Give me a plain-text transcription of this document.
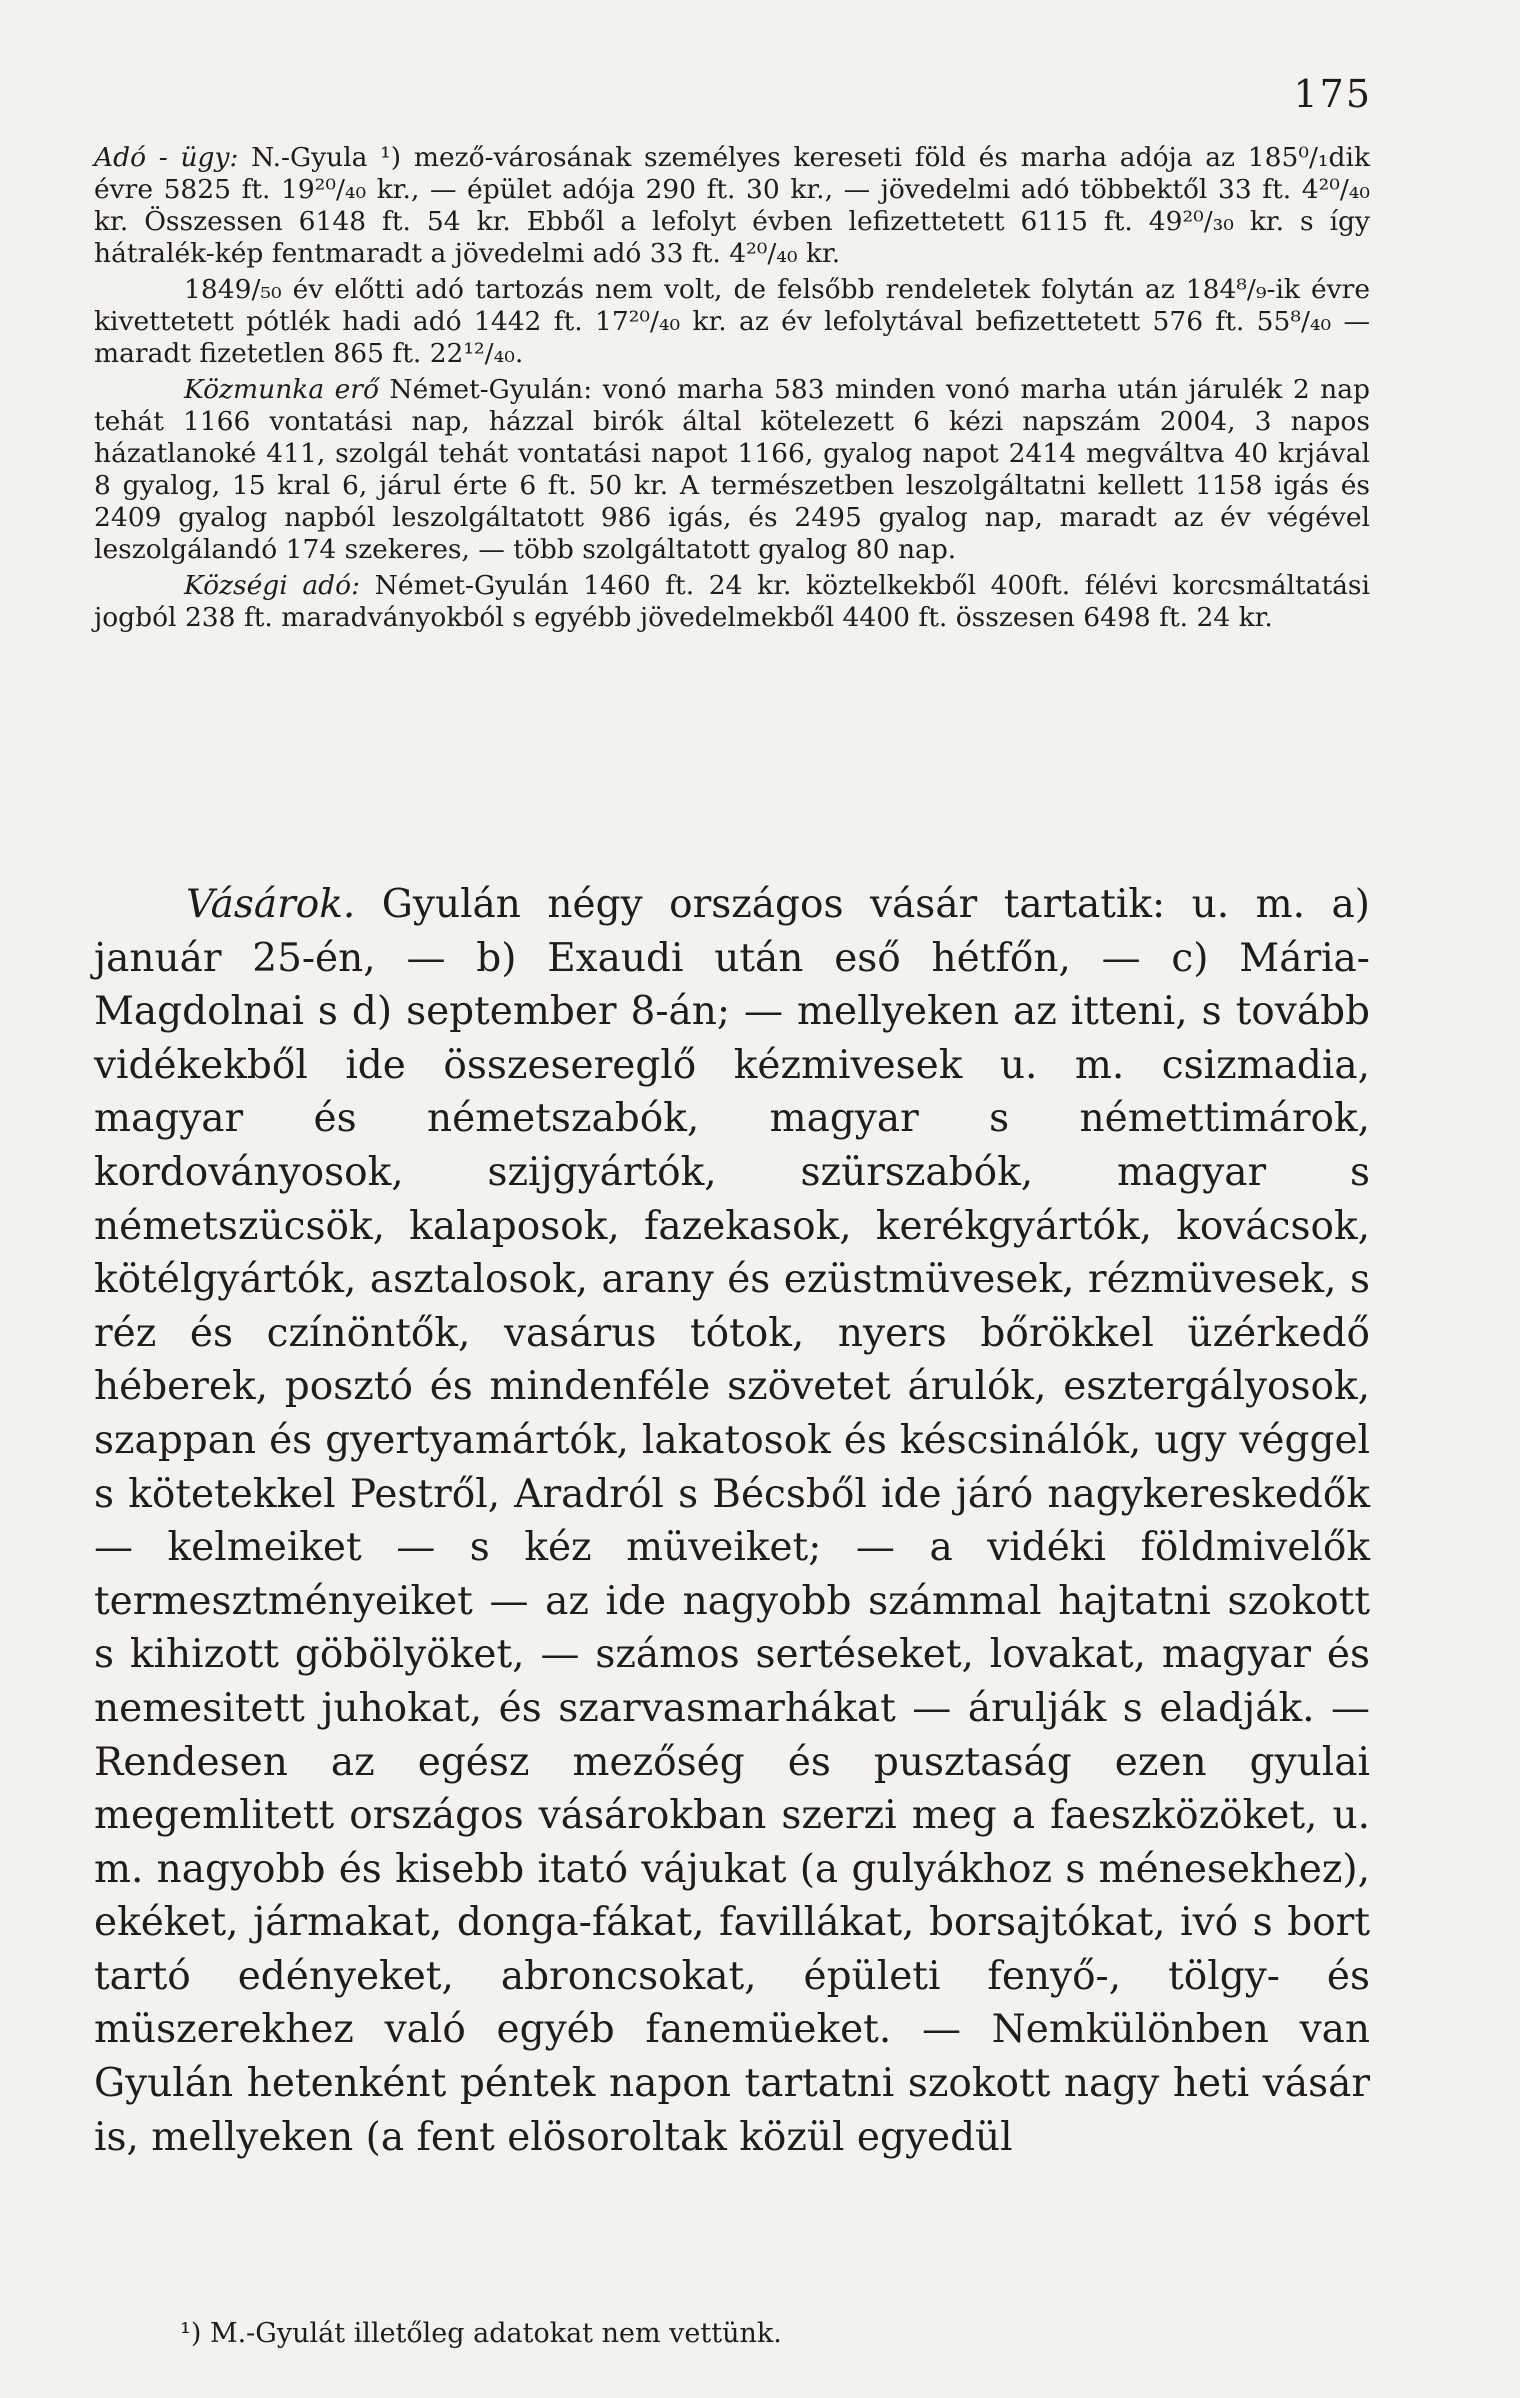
175

Adó - ügy: N.-Gyula ¹) mező-városának személyes kereseti föld és marha adója az 185⁰/₁dik évre 5825 ft. 19²⁰/₄₀ kr., — épület adója 290 ft. 30 kr., — jövedelmi adó többektől 33 ft. 4²⁰/₄₀ kr. Összessen 6148 ft. 54 kr. Ebből a lefolyt évben lefizettetett 6115 ft. 49²⁰/₃₀ kr. s így hátralék-kép fentmaradt a jövedelmi adó 33 ft. 4²⁰/₄₀ kr.

1849/₅₀ év előtti adó tartozás nem volt, de felsőbb rendeletek folytán az 184⁸/₉-ik évre kivettetett pótlék hadi adó 1442 ft. 17²⁰/₄₀ kr. az év lefolytával befizettetett 576 ft. 55⁸/₄₀ — maradt fizetetlen 865 ft. 22¹²/₄₀.

Közmunka erő Német-Gyulán: vonó marha 583 minden vonó marha után járulék 2 nap tehát 1166 vontatási nap, házzal birók által kötelezett 6 kézi napszám 2004, 3 napos házatlanoké 411, szolgál tehát vontatási napot 1166, gyalog napot 2414 megváltva 40 krjával 8 gyalog, 15 kral 6, járul érte 6 ft. 50 kr. A természetben leszolgáltatni kellett 1158 igás és 2409 gyalog napból leszolgáltatott 986 igás, és 2495 gyalog nap, maradt az év végével leszolgálandó 174 szekeres, — több szolgáltatott gyalog 80 nap.

Községi adó: Német-Gyulán 1460 ft. 24 kr. köztelkekből 400ft. félévi korcsmáltatási jogból 238 ft. maradványokból s egyébb jövedelmekből 4400 ft. összesen 6498 ft. 24 kr.

Vásárok. Gyulán négy országos vásár tartatik: u. m. a) január 25-én, — b) Exaudi után eső hétfőn, — c) Mária-Magdolnai s d) september 8-án; — mellyeken az itteni, s tovább vidékekből ide összesereglő kézmivesek u. m. csizmadia, magyar és németszabók, magyar s némettimárok, kordoványosok, szijgyártók, szürszabók, magyar s németszücsök, kalaposok, fazekasok, kerékgyártók, kovácsok, kötélgyártók, asztalosok, arany és ezüstmüvesek, rézmüvesek, s réz és czínöntők, vasárus tótok, nyers bőrökkel üzérkedő héberek, posztó és mindenféle szövetet árulók, esztergályosok, szappan és gyertyamártók, lakatosok és késcsinálók, ugy véggel s kötetekkel Pestről, Aradról s Bécsből ide járó nagykereskedők — kelmeiket — s kéz müveiket; — a vidéki földmivelők termesztményeiket — az ide nagyobb számmal hajtatni szokott s kihizott göbölyöket, — számos sertéseket, lovakat, magyar és nemesitett juhokat, és szarvasmarhákat — árulják s eladják. — Rendesen az egész mezőség és pusztaság ezen gyulai megemlitett országos vásárokban szerzi meg a faeszközöket, u. m. nagyobb és kisebb itató vájukat (a gulyákhoz s ménesekhez), ekéket, jármakat, donga-fákat, favillákat, borsajtókat, ivó s bort tartó edényeket, abroncsokat, épületi fenyő-, tölgy- és müszerekhez való egyéb fanemüeket. — Nemkülönben van Gyulán hetenként péntek napon tartatni szokott nagy heti vásár is, mellyeken (a fent elösoroltak közül egyedül

¹) M.-Gyulát illetőleg adatokat nem vettünk.
